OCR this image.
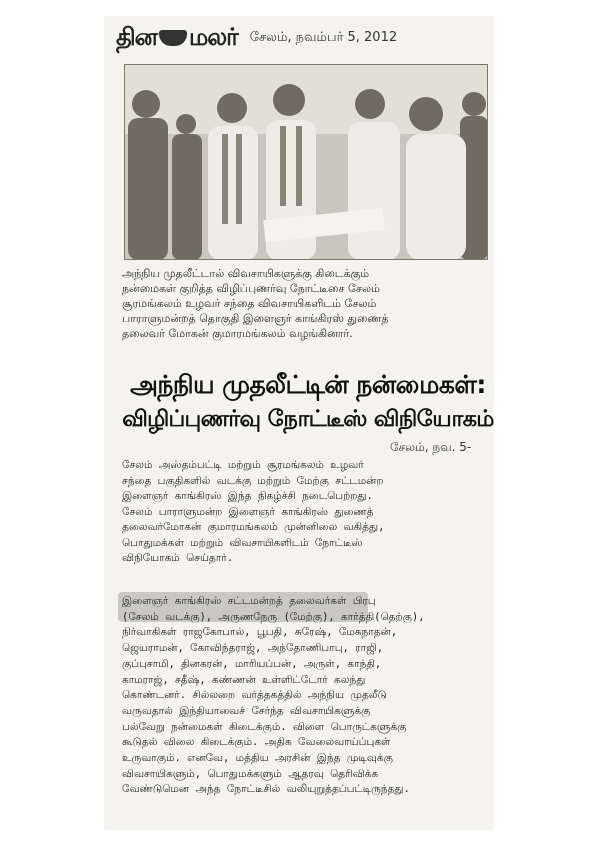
தின மலர் சேலம், நவம்பர் 5, 2012
அந்நிய முதலீட்டால் விவசாயிகளுக்கு கிடைக்கும்
நன்மைகள் குறித்த விழிப்புணர்வு நோட்டீசை சேலம்
சூரமங்கலம் உழவர் சந்தை விவசாயிகளிடம் சேலம்
பாராளுமன்றத் தொகுதி இளைஞர் காங்கிரஸ் துணைத்
தலைவர் மோகன் குமாரமங்கலம் வழங்கினார்.
அந்நிய முதலீட்டின் நன்மைகள்:
விழிப்புணர்வு நோட்டீஸ் விநியோகம்
சேலம், நவ. 5-
சேலம் அஸ்தம்பட்டி மற்றும் சூரமங்கலம் உழவர்
சந்தை பகுதிகளில் வடக்கு மற்றும் மேற்கு சட்டமன்ற
இளைஞர் காங்கிரஸ் இந்த நிகழ்ச்சி நடைபெற்றது.
சேலம் பாராளுமன்ற இளைஞர் காங்கிரஸ் துணைத்
தலைவர்மோகன் குமாரமங்கலம் முன்னிலை வகித்து,
பொதுமக்கள் மற்றும் விவசாயிகளிடம் நோட்டீஸ்
விநியோகம் செய்தார்.
இளைஞர் காங்கிரஸ் சட்டமன்றத் தலைவர்கள் பிரபு
(சேலம் வடக்கு), அருணநேரு (மேற்கு), கார்த்தி(தெற்கு),
நிர்வாகிகள் ராஜகோபால், பூபதி, சுரேஷ், மேகநாதன்,
ஜெயராமன், கோவிந்தராஜ், அந்தோணிபாபு, ராஜி,
குப்புசாமி, தினகரன், மாரியப்பன், அருள், காந்தி,
காமராஜ், சதீஷ், கண்ணன் உள்ளிட்டோர் கலந்து
கொண்டனர். சில்லறை வர்த்தகத்தில் அந்நிய முதலீடு
வருவதால் இந்தியாவைச் சேர்ந்த விவசாயிகளுக்கு
பல்வேறு நன்மைகள் கிடைக்கும். விளை பொருட்களுக்கு
கூடுதல் விலை கிடைக்கும். அதிக வேலைவாய்ப்புகள்
உருவாகும். எனவே, மத்திய அரசின் இந்த முடிவுக்கு
விவசாயிகளும், பொதுமக்களும் ஆதரவு தெரிவிக்க
வேண்டுமென அந்த நோட்டீசில் வலியுறுத்தப்பட்டிருந்தது.
